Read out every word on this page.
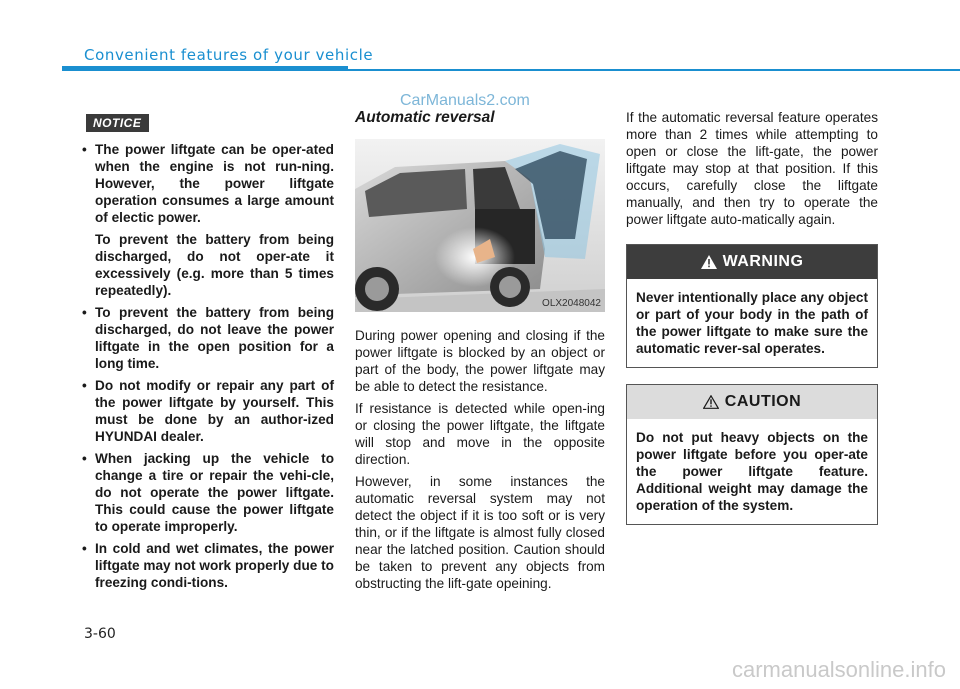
Convenient features of your vehicle
CarManuals2.com
NOTICE
• The power liftgate can be oper-ated when the engine is not run-ning. However, the power liftgate operation consumes a large amount of electic power.

To prevent the battery from being discharged, do not oper-ate it excessively (e.g. more than 5 times repeatedly).

• To prevent the battery from being discharged, do not leave the power liftgate in the open position for a long time.

• Do not modify or repair any part of the power liftgate by yourself. This must be done by an author-ized HYUNDAI dealer.

• When jacking up the vehicle to change a tire or repair the vehi-cle, do not operate the power liftgate. This could cause the power liftgate to operate improperly.

• In cold and wet climates, the power liftgate may not work properly due to freezing condi-tions.

Automatic reversal
OLX2048042

During power opening and closing if the power liftgate is blocked by an object or part of the body, the power liftgate may be able to detect the resistance.

If resistance is detected while open-ing or closing the power liftgate, the liftgate will stop and move in the opposite direction.

However, in some instances the automatic reversal system may not detect the object if it is too soft or is very thin, or if the liftgate is almost fully closed near the latched position. Caution should be taken to prevent any objects from obstructing the lift-gate opeining.

If the automatic reversal feature operates more than 2 times while attempting to open or close the lift-gate, the power liftgate may stop at that position. If this occurs, carefully close the liftgate manually, and then try to operate the power liftgate auto-matically again.

WARNING
Never intentionally place any object or part of your body in the path of the power liftgate to make sure the automatic rever-sal operates.
CAUTION
Do not put heavy objects on the power liftgate before you oper-ate the power liftgate feature. Additional weight may damage the operation of the system.
3-60
carmanualsonline.info
